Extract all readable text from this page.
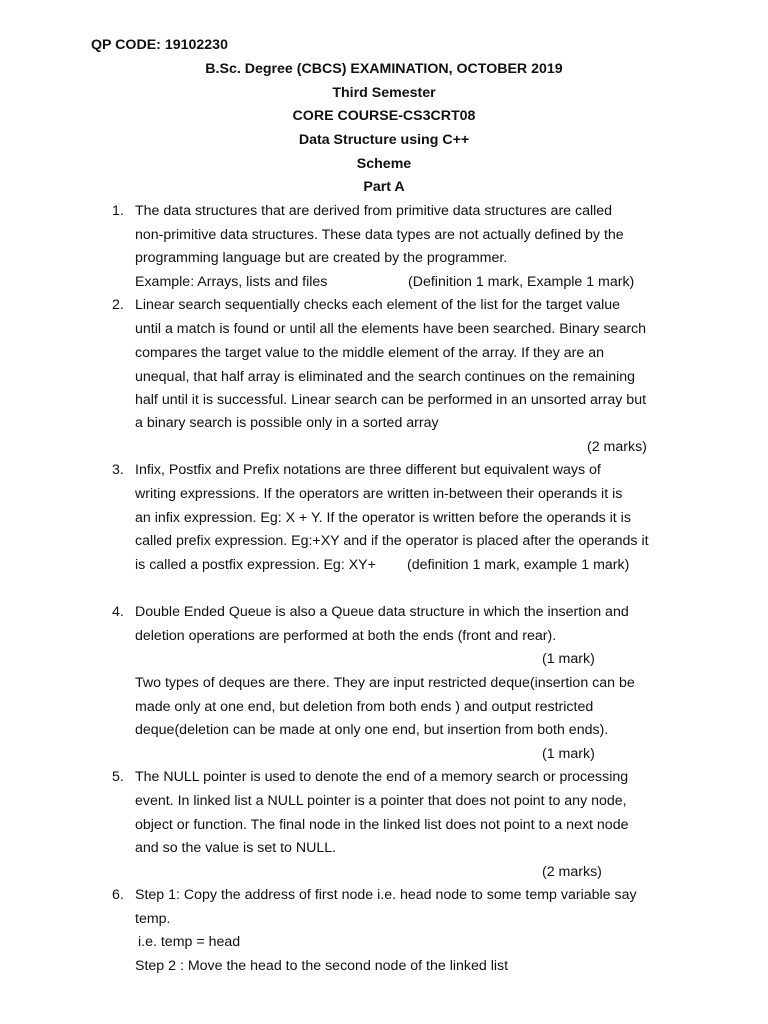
QP CODE: 19102230
B.Sc. Degree (CBCS) EXAMINATION, OCTOBER 2019
Third Semester
CORE COURSE-CS3CRT08
Data Structure using C++
Scheme
Part A
1. The data structures that are derived from primitive data structures are called
non-primitive data structures. These data types are not actually defined by the
programming language but are created by the programmer.
Example: Arrays, lists and files	(Definition 1 mark, Example 1 mark)
2. Linear search sequentially checks each element of the list for the target value
until a match is found or until all the elements have been searched. Binary search
compares the target value to the middle element of the array. If they are an
unequal, that half array is eliminated and the search continues on the remaining
half until it is successful. Linear search can be performed in an unsorted array but
a binary search is possible only in a sorted array
(2 marks)
3. Infix, Postfix and Prefix notations are three different but equivalent ways of
writing expressions. If the operators are written in-between their operands it is
an infix expression. Eg: X + Y. If the operator is written before the operands it is
called prefix expression. Eg:+XY and if the operator is placed after the operands it
is called a postfix expression. Eg: XY+ (definition 1 mark, example 1 mark)
4. Double Ended Queue is also a Queue data structure in which the insertion and
deletion operations are performed at both the ends (front and rear).
(1 mark)
Two types of deques are there. They are input restricted deque(insertion can be
made only at one end, but deletion from both ends ) and output restricted
deque(deletion can be made at only one end, but insertion from both ends).
(1 mark)
5. The NULL pointer is used to denote the end of a memory search or processing
event. In linked list a NULL pointer is a pointer that does not point to any node,
object or function. The final node in the linked list does not point to a next node
and so the value is set to NULL.
(2 marks)
6. Step 1: Copy the address of first node i.e. head node to some temp variable say
temp.
i.e. temp = head
Step 2 : Move the head to the second node of the linked list
